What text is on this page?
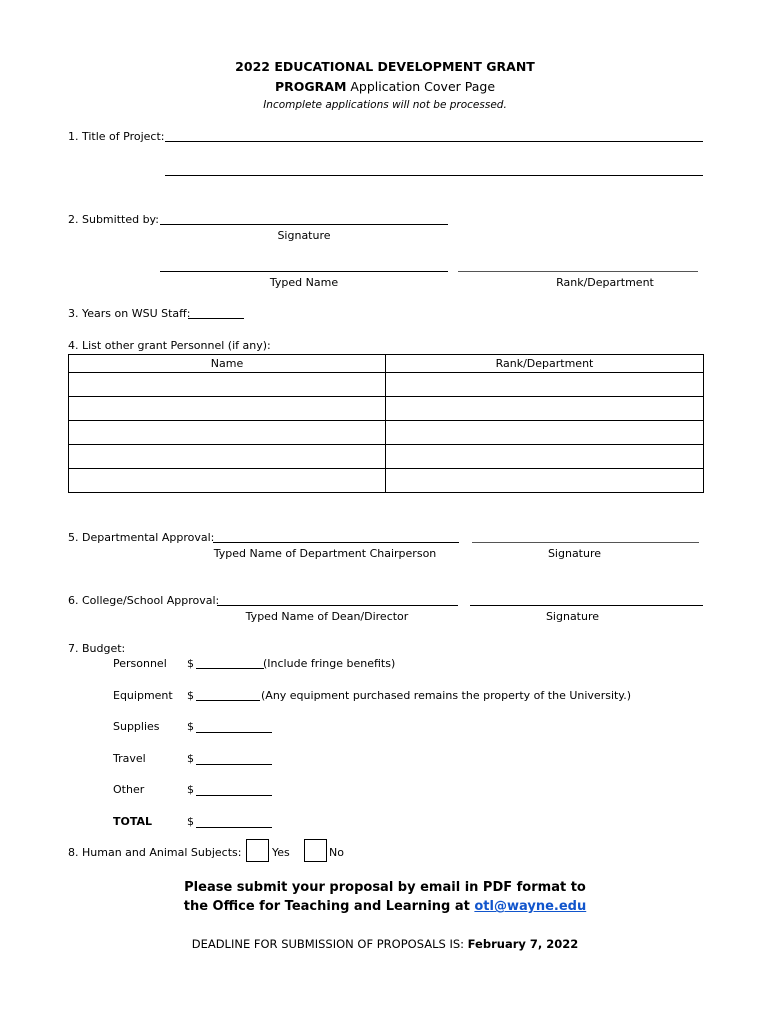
2022 EDUCATIONAL DEVELOPMENT GRANT
PROGRAM Application Cover Page
Incomplete applications will not be processed.
1. Title of Project:
2. Submitted by:
Signature
Typed Name	Rank/Department
3. Years on WSU Staff:
4. List other grant Personnel (if any):
Name	Rank/Department

5. Departmental Approval:
Typed Name of Department Chairperson	Signature
6. College/School Approval:
Typed Name of Dean/Director	Signature
7. Budget:
Personnel $	(Include fringe benefits)
Equipment $	(Any equipment purchased remains the property of the University.)
Supplies $
Travel	$
Other	$
TOTAL	$
8. Human and Animal Subjects:	Yes	No
Please submit your proposal by email in PDF format to
the Office for Teaching and Learning at otl@wayne.edu
DEADLINE FOR SUBMISSION OF PROPOSALS IS: February 7, 2022
